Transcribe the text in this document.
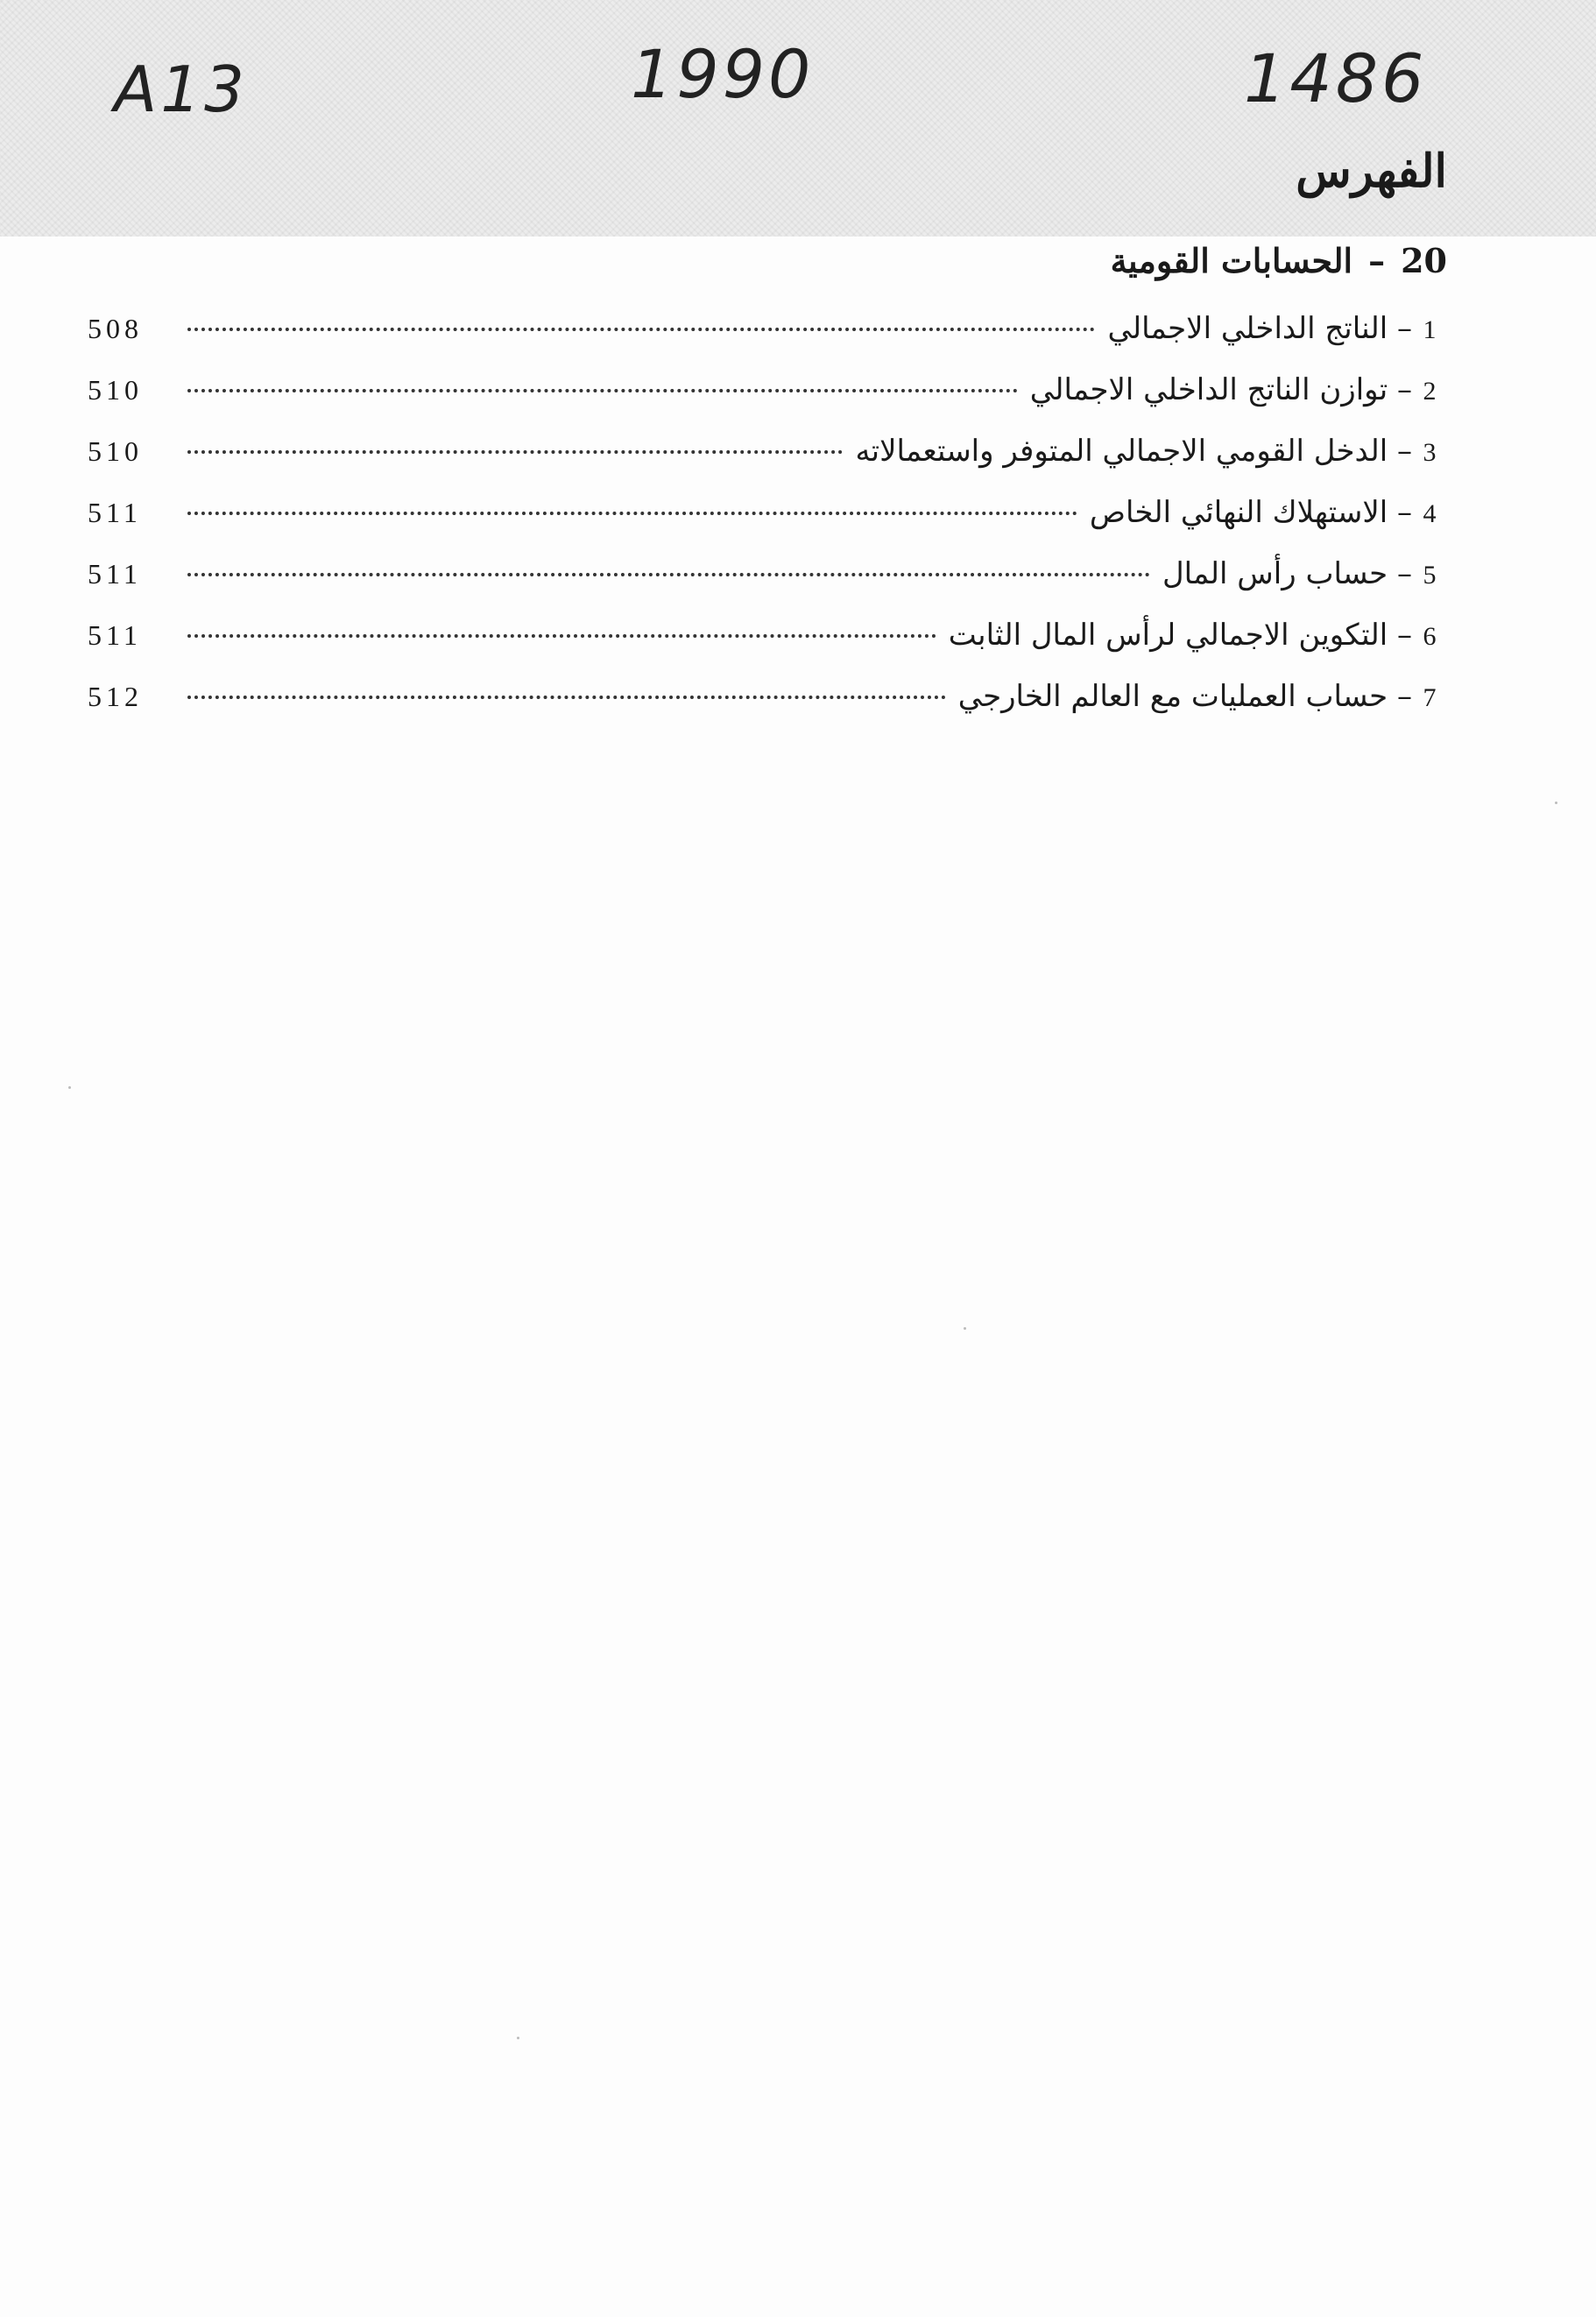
A13	1990	1486
الفهرس
20
–
الحسابات القومية
1
– الناتج الداخلي الاجمالي
508
2
– توازن الناتج الداخلي الاجمالي
510
3
– الدخل القومي الاجمالي المتوفر واستعمالاته
510
4
– الاستهلاك النهائي الخاص
511
5
– حساب رأس المال
511
6
– التكوين الاجمالي لرأس المال الثابت
511
7
– حساب العمليات مع العالم الخارجي
512
